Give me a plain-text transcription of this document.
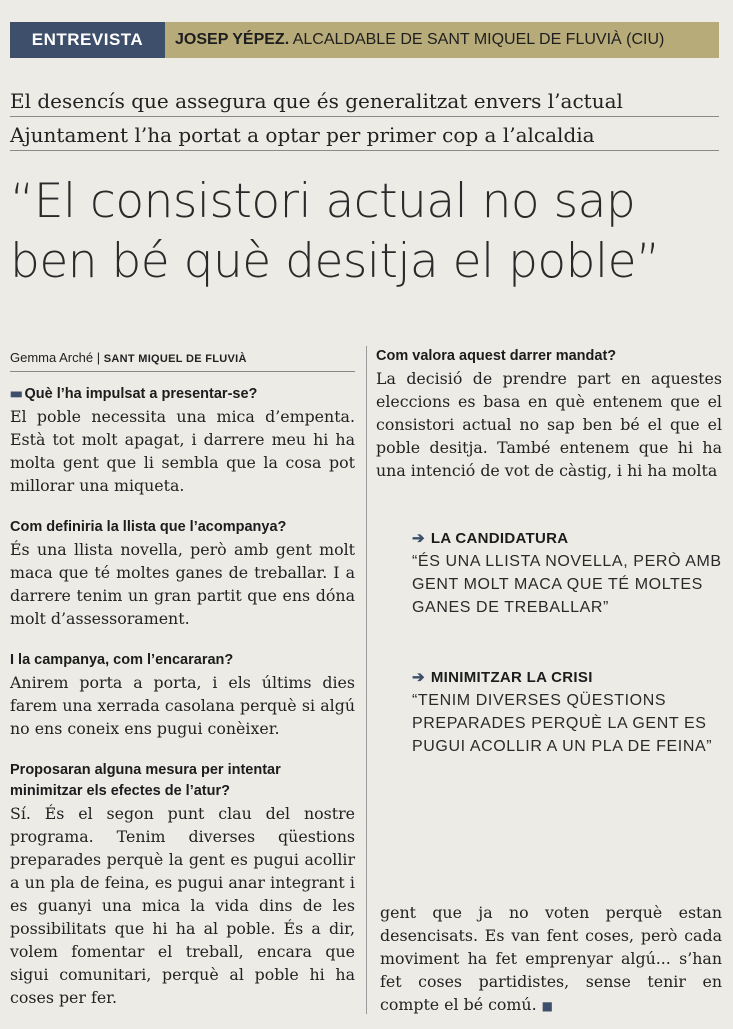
ENTREVISTA	JOSEP YÉPEZ. ALCALDABLE DE SANT MIQUEL DE FLUVIÀ (CIU)
El desencís que assegura que és generalitzat envers l’actual
Ajuntament l’ha portat a optar per primer cop a l’alcaldia
“El consistori actual no sap
ben bé què desitja el poble”
Gemma Arché | SANT MIQUEL DE FLUVIÀ
■■ Què l’ha impulsat a presentar-se?

El poble necessita una mica d’empenta. Està tot molt apagat, i darrere meu hi ha molta gent que li sembla que la cosa pot millorar una miqueta.

Com definiria la llista que l’acompanya?

És una llista novella, però amb gent molt maca que té moltes ganes de treballar. I a darrere tenim un gran partit que ens dóna molt d’assessorament.

I la campanya, com l’encararan?

Anirem porta a porta, i els últims dies farem una xerrada casolana perquè si algú no ens coneix ens pugui conèixer.

Proposaran alguna mesura per intentar minimitzar els efectes de l’atur?

Sí. És el segon punt clau del nostre programa. Tenim diverses qüestions preparades perquè la gent es pugui acollir a un pla de feina, es pugui anar integrant i es guanyi una mica la vida dins de les possibilitats que hi ha al poble. És a dir, volem fomentar el treball, encara que sigui comunitari, perquè al poble hi ha coses per fer.

Com valora aquest darrer mandat?

La decisió de prendre part en aquestes eleccions es basa en què entenem que el consistori actual no sap ben bé el que el poble desitja. També entenem que hi ha una intenció de vot de càstig, i hi ha molta

➔ LA CANDIDATURA
“ÉS UNA LLISTA NOVELLA, PERÒ AMB GENT MOLT MACA QUE TÉ MOLTES GANES DE TREBALLAR”
➔ MINIMITZAR LA CRISI
“TENIM DIVERSES QÜESTIONS PREPARADES PERQUÈ LA GENT ES PUGUI ACOLLIR A UN PLA DE FEINA”
gent que ja no voten perquè estan desencisats. Es van fent coses, però cada moviment ha fet emprenyar algú... s’han fet coses partidistes, sense tenir en compte el bé comú. ■
